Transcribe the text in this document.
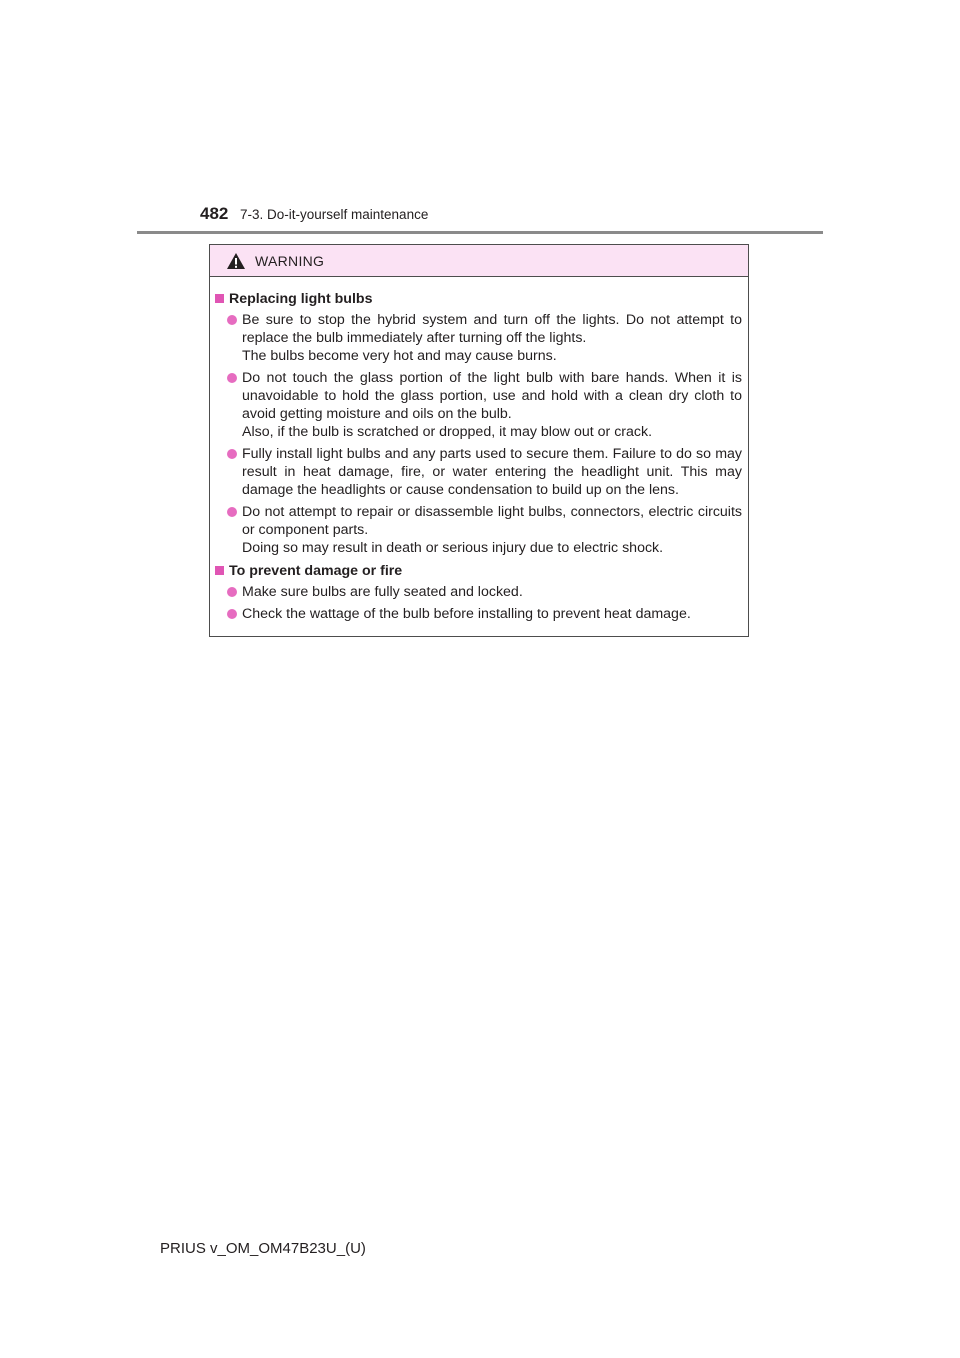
482 7-3. Do-it-yourself maintenance
WARNING
Replacing light bulbs

Be sure to stop the hybrid system and turn off the lights. Do not attempt to replace the bulb immediately after turning off the lights.

The bulbs become very hot and may cause burns.

Do not touch the glass portion of the light bulb with bare hands. When it is unavoidable to hold the glass portion, use and hold with a clean dry cloth to avoid getting moisture and oils on the bulb.

Also, if the bulb is scratched or dropped, it may blow out or crack.

Fully install light bulbs and any parts used to secure them. Failure to do so may result in heat damage, fire, or water entering the headlight unit. This may damage the headlights or cause condensation to build up on the lens.

Do not attempt to repair or disassemble light bulbs, connectors, electric circuits or component parts.

Doing so may result in death or serious injury due to electric shock.

To prevent damage or fire

Make sure bulbs are fully seated and locked.

Check the wattage of the bulb before installing to prevent heat damage.

PRIUS v_OM_OM47B23U_(U)
